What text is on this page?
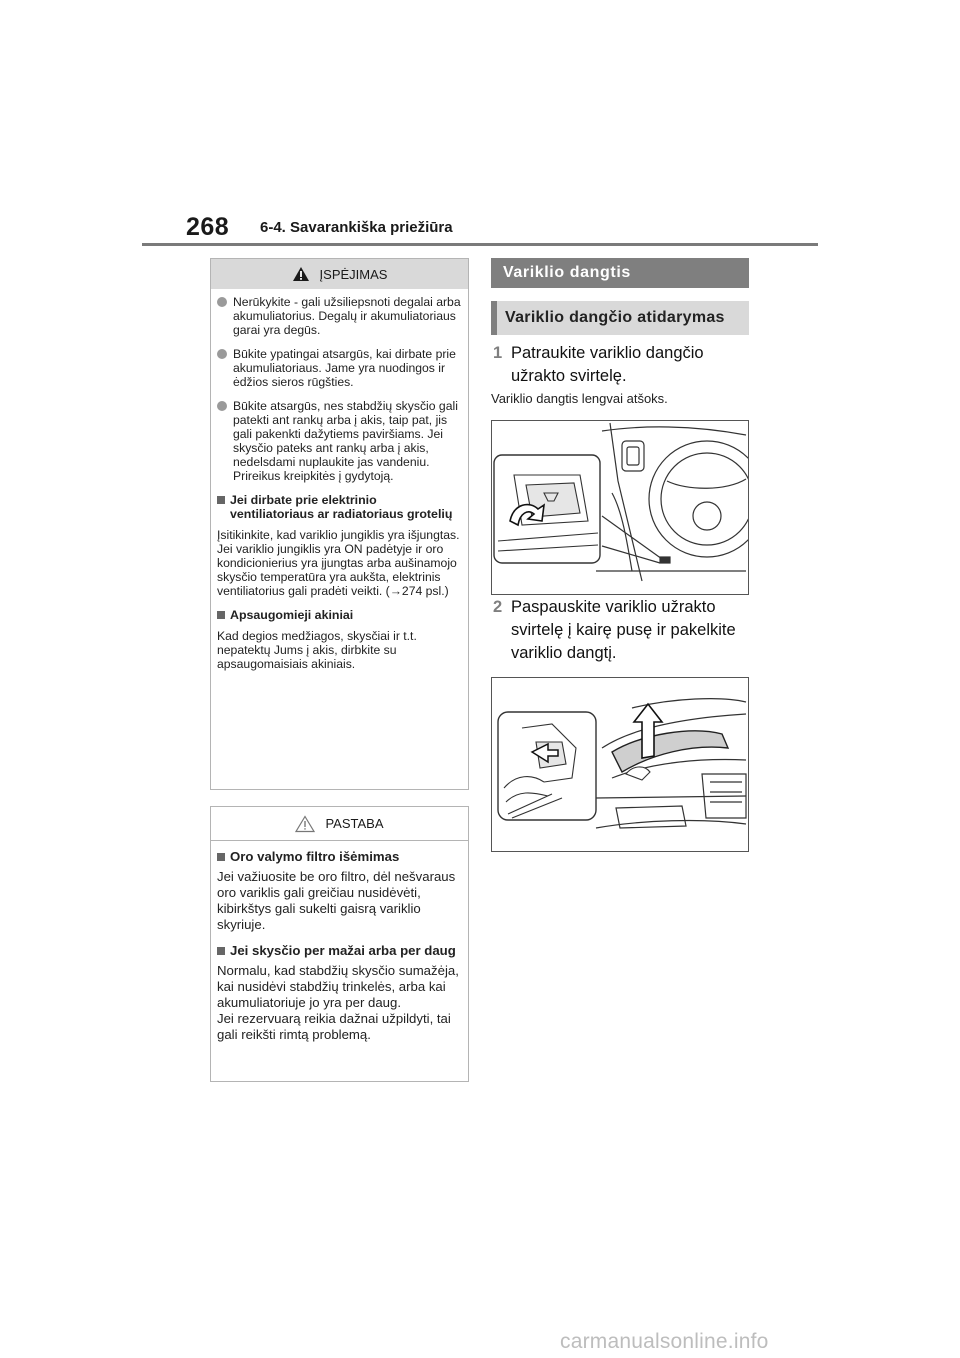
268 6-4. Savarankiška priežiūra
ĮSPĖJIMAS
Nerūkykite - gali užsiliepsnoti degalai arba akumuliatorius. Degalų ir akumuliatoriaus garai yra degūs.
Būkite ypatingai atsargūs, kai dirbate prie akumuliatoriaus. Jame yra nuodingos ir ėdžios sieros rūgšties.
Būkite atsargūs, nes stabdžių skysčio gali patekti ant rankų arba į akis, taip pat, jis gali pakenkti dažytiems paviršiams. Jei skysčio pateks ant rankų arba į akis, nedelsdami nuplaukite jas vandeniu.
Prireikus kreipkitės į gydytoją.
Jei dirbate prie elektrinio ventiliatoriaus ar radiatoriaus grotelių
Įsitikinkite, kad variklio jungiklis yra išjungtas.
Jei variklio jungiklis yra ON padėtyje ir oro kondicionierius yra įjungtas arba aušinamojo skysčio temperatūra yra aukšta, elektrinis ventiliatorius gali pradėti veikti. (→274 psl.)
Apsaugomieji akiniai
Kad degios medžiagos, skysčiai ir t.t. nepatektų Jums į akis, dirbkite su apsaugomaisiais akiniais.
PASTABA
Oro valymo filtro išėmimas
Jei važiuosite be oro filtro, dėl nešvaraus oro variklis gali greičiau nusidėvėti, kibirkštys gali sukelti gaisrą variklio skyriuje.
Jei skysčio per mažai arba per daug
Normalu, kad stabdžių skysčio sumažėja, kai nusidėvi stabdžių trinkelės, arba kai akumuliatoriuje jo yra per daug.
Jei rezervuarą reikia dažnai užpildyti, tai gali reikšti rimtą problemą.
Variklio dangtis
Variklio dangčio atidarymas
1 Patraukite variklio dangčio užrakto svirtelę.
Variklio dangtis lengvai atšoks.
2 Paspauskite variklio užrakto svirtelę į kairę pusę ir pakelkite variklio dangtį.
carmanualsonline.info
